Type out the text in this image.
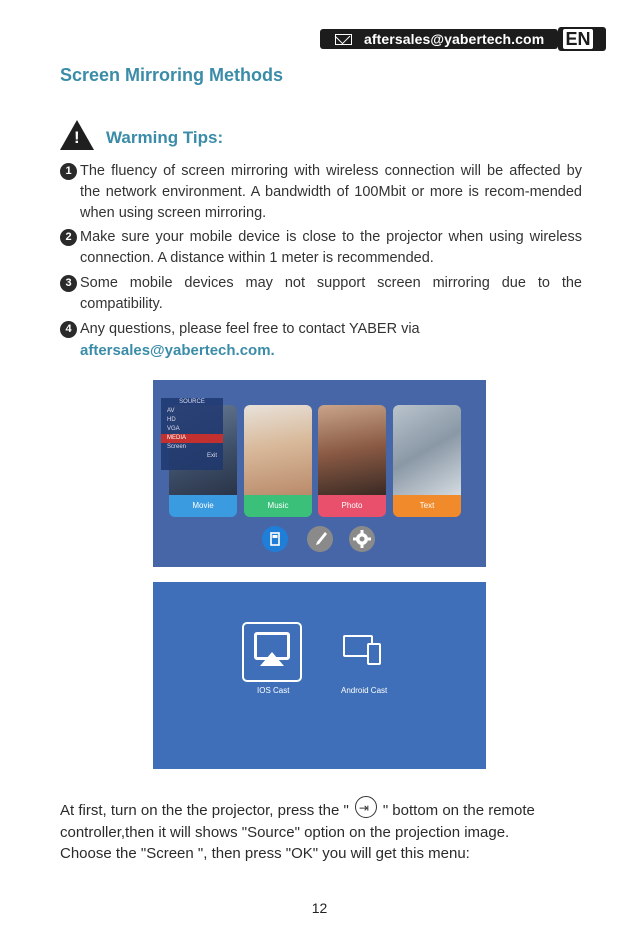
aftersales@yabertech.com EN
Screen Mirroring Methods
! Warming Tips:
1 The fluency of screen mirroring with wireless connection will be affected by the network environment. A bandwidth of 100Mbit or more is recom-mended when using screen mirroring.
2 Make sure your mobile device is close to the projector when using wireless connection. A distance within 1 meter is recommended.
3 Some mobile devices may not support screen mirroring due to the compatibility.
4 Any questions, please feel free to contact YABER via
aftersales@yabertech.com.
Movie
SOURCE
AV
HD
VGA
MEDIA
Screen
Exit
Music	Photo	Text
IOS Cast	Android Cast
At first, turn on the the projector, press the "⇥ " bottom on the remote
controller,then it will shows "Source" option on the projection image.
Choose the "Screen ", then press "OK" you will get this menu:
12
